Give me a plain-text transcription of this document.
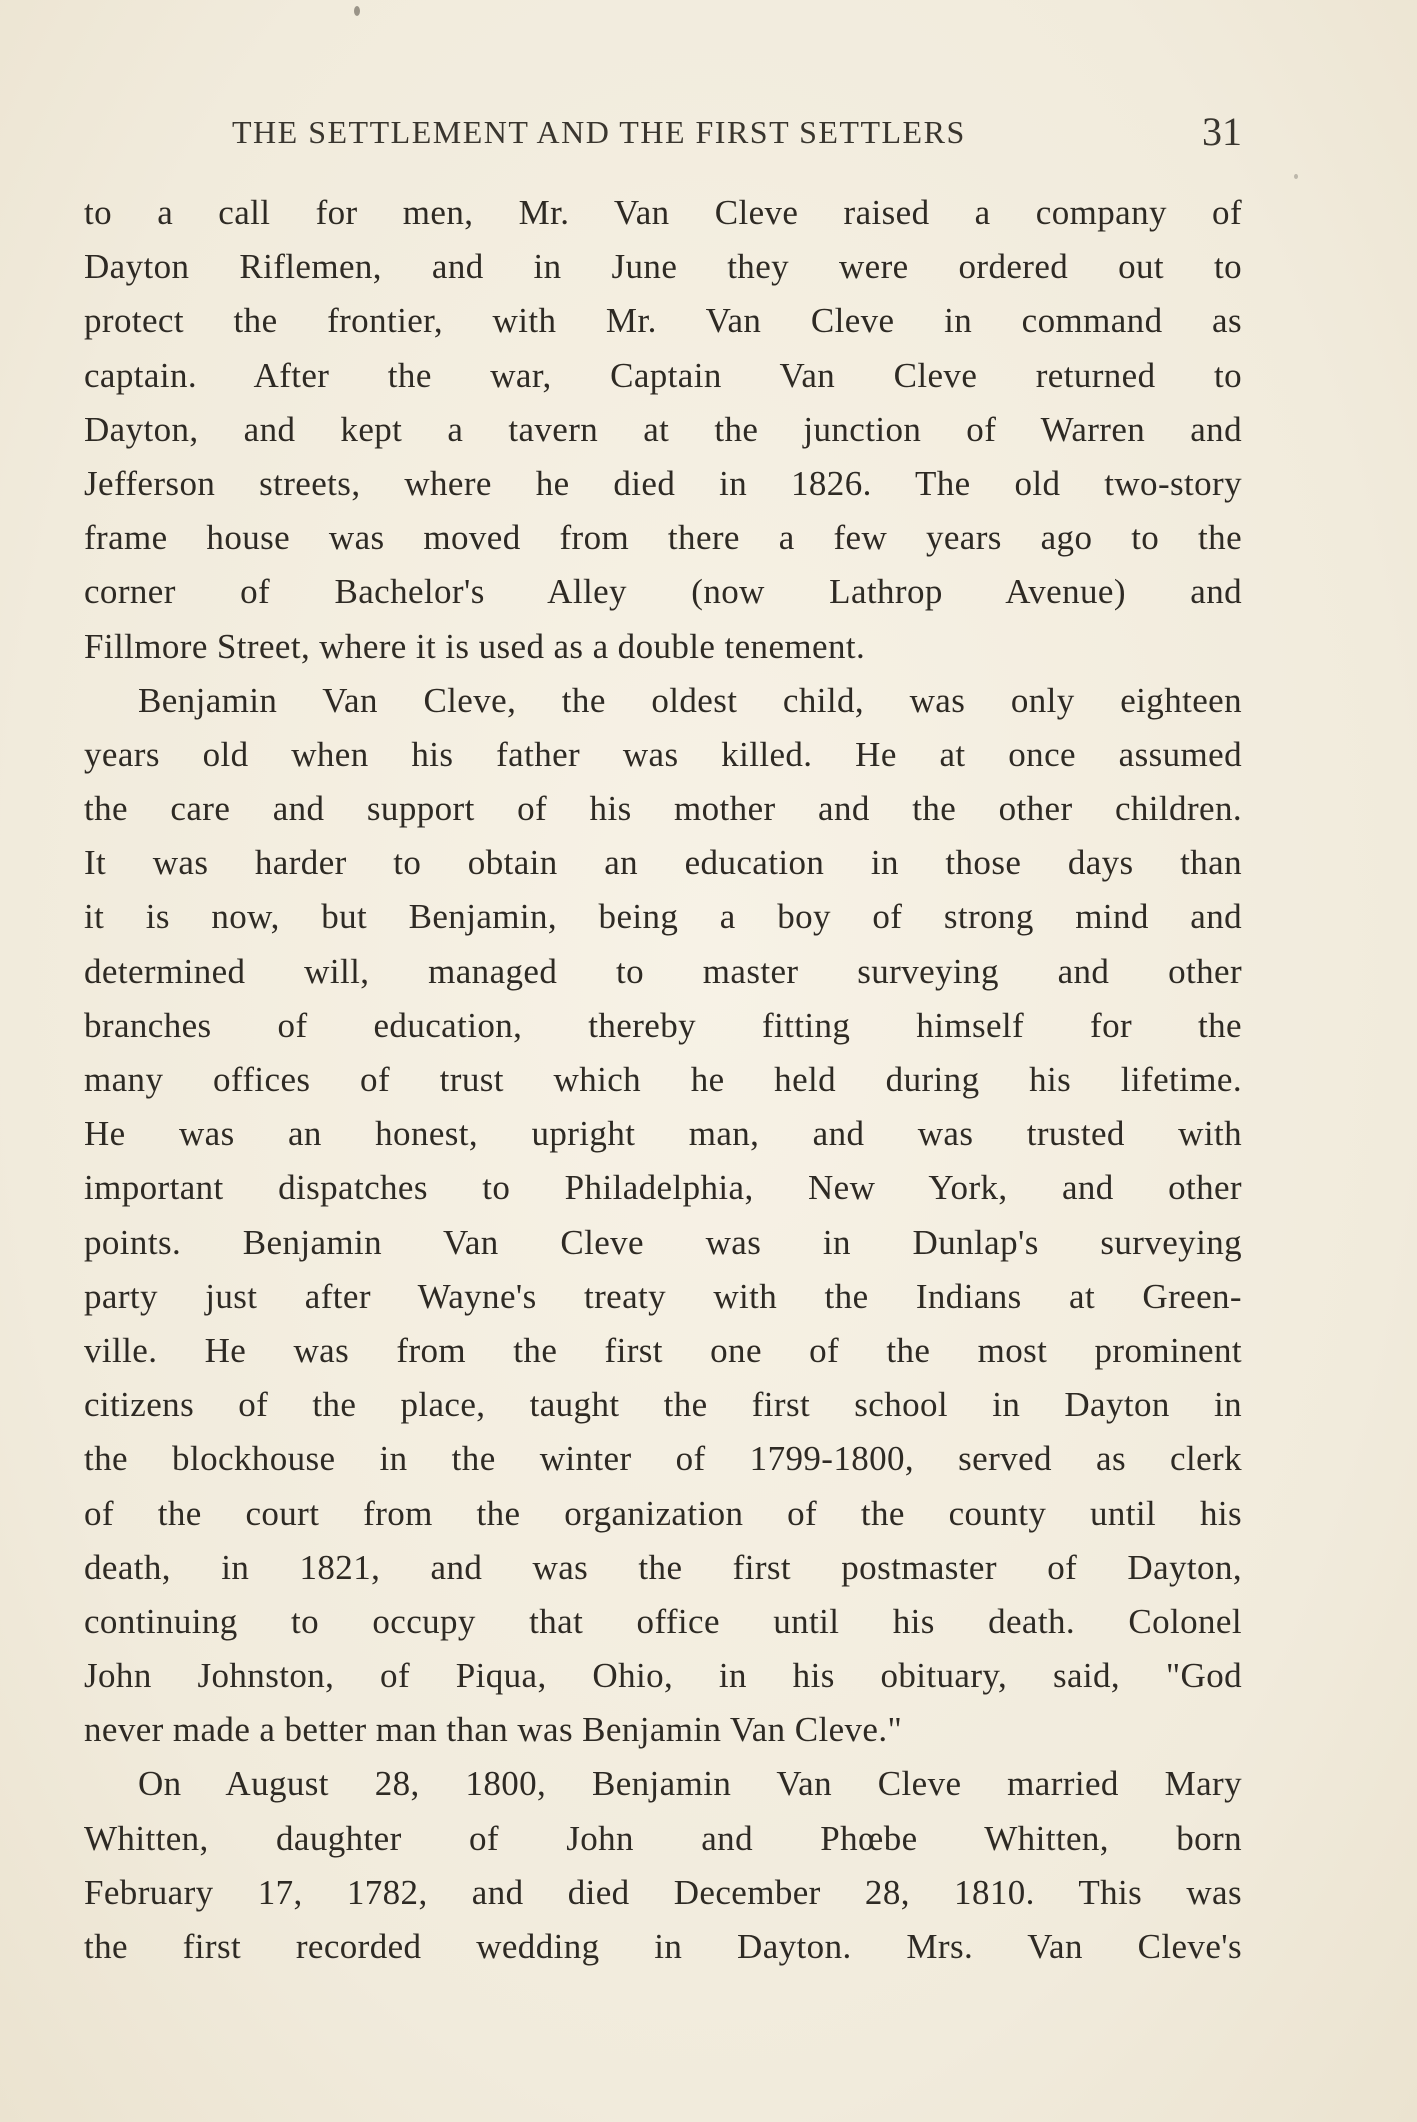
THE SETTLEMENT AND THE FIRST SETTLERS	31
to a call for men, Mr. Van Cleve raised a company of
Dayton Riflemen, and in June they were ordered out to
protect the frontier, with Mr. Van Cleve in command as
captain. After the war, Captain Van Cleve returned to
Dayton, and kept a tavern at the junction of Warren and
Jefferson streets, where he died in 1826. The old two-story
frame house was moved from there a few years ago to the
corner of Bachelor's Alley (now Lathrop Avenue) and
Fillmore Street, where it is used as a double tenement.
Benjamin Van Cleve, the oldest child, was only eighteen
years old when his father was killed. He at once assumed
the care and support of his mother and the other children.
It was harder to obtain an education in those days than
it is now, but Benjamin, being a boy of strong mind and
determined will, managed to master surveying and other
branches of education, thereby fitting himself for the
many offices of trust which he held during his lifetime.
He was an honest, upright man, and was trusted with
important dispatches to Philadelphia, New York, and other
points. Benjamin Van Cleve was in Dunlap's surveying
party just after Wayne's treaty with the Indians at Green-
ville. He was from the first one of the most prominent
citizens of the place, taught the first school in Dayton in
the blockhouse in the winter of 1799-1800, served as clerk
of the court from the organization of the county until his
death, in 1821, and was the first postmaster of Dayton,
continuing to occupy that office until his death. Colonel
John Johnston, of Piqua, Ohio, in his obituary, said, "God
never made a better man than was Benjamin Van Cleve."
On August 28, 1800, Benjamin Van Cleve married Mary
Whitten, daughter of John and Phœbe Whitten, born
February 17, 1782, and died December 28, 1810. This was
the first recorded wedding in Dayton. Mrs. Van Cleve's
